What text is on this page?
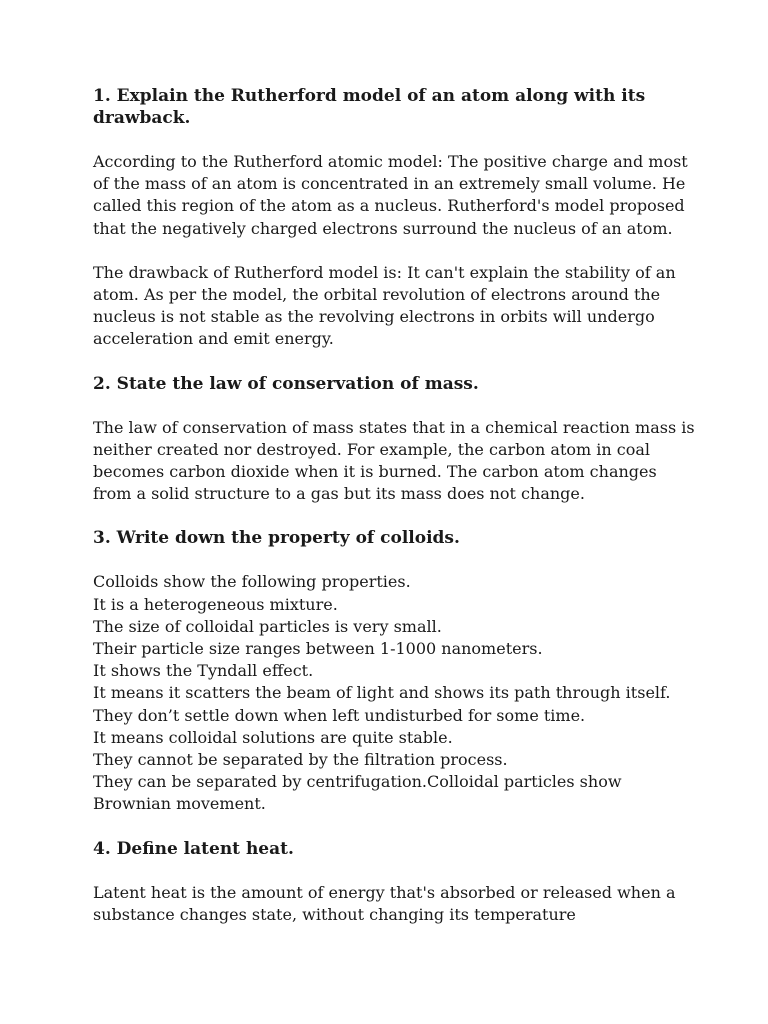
1. Explain the Rutherford model of an atom along with its
drawback.
According to the Rutherford atomic model: The positive charge and most
of the mass of an atom is concentrated in an extremely small volume. He
called this region of the atom as a nucleus. Rutherford's model proposed
that the negatively charged electrons surround the nucleus of an atom.
The drawback of Rutherford model is: It can't explain the stability of an
atom. As per the model, the orbital revolution of electrons around the
nucleus is not stable as the revolving electrons in orbits will undergo
acceleration and emit energy.
2. State the law of conservation of mass.
The law of conservation of mass states that in a chemical reaction mass is
neither created nor destroyed. For example, the carbon atom in coal
becomes carbon dioxide when it is burned. The carbon atom changes
from a solid structure to a gas but its mass does not change.
3. Write down the property of colloids.
Colloids show the following properties.
It is a heterogeneous mixture.
The size of colloidal particles is very small.
Their particle size ranges between 1-1000 nanometers.
It shows the Tyndall effect.
It means it scatters the beam of light and shows its path through itself.
They don’t settle down when left undisturbed for some time.
It means colloidal solutions are quite stable.
They cannot be separated by the filtration process.
They can be separated by centrifugation.Colloidal particles show
Brownian movement.
4. Define latent heat.
Latent heat is the amount of energy that's absorbed or released when a
substance changes state, without changing its temperature
